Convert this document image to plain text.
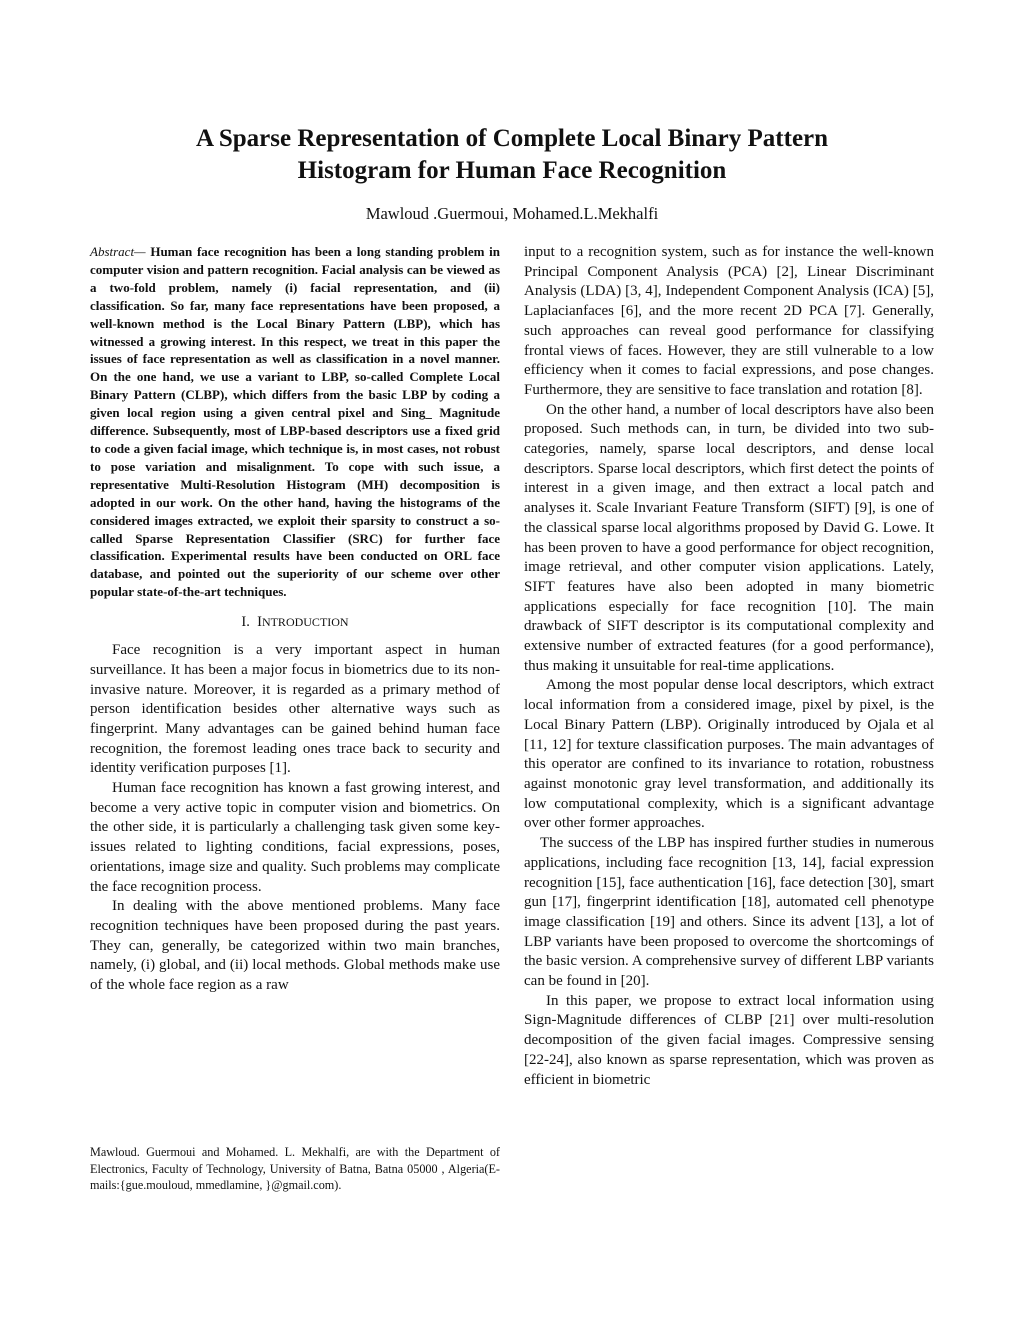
A Sparse Representation of Complete Local Binary Pattern
Histogram for Human Face Recognition
Mawloud .Guermoui, Mohamed.L.Mekhalfi

Abstract— Human face recognition has been a long standing problem in computer vision and pattern recognition. Facial analysis can be viewed as a two-fold problem, namely (i) facial representation, and (ii) classification. So far, many face representations have been proposed, a well-known method is the Local Binary Pattern (LBP), which has witnessed a growing interest. In this respect, we treat in this paper the issues of face representation as well as classification in a novel manner. On the one hand, we use a variant to LBP, so-called Complete Local Binary Pattern (CLBP), which differs from the basic LBP by coding a given local region using a given central pixel and Sing_ Magnitude difference. Subsequently, most of LBP-based descriptors use a fixed grid to code a given facial image, which technique is, in most cases, not robust to pose variation and misalignment. To cope with such issue, a representative Multi-Resolution Histogram (MH) decomposition is adopted in our work. On the other hand, having the histograms of the considered images extracted, we exploit their sparsity to construct a so-called Sparse Representation Classifier (SRC) for further face classification. Experimental results have been conducted on ORL face database, and pointed out the superiority of our scheme over other popular state-of-the-art techniques.

I. INTRODUCTION

Face recognition is a very important aspect in human surveillance. It has been a major focus in biometrics due to its non-invasive nature. Moreover, it is regarded as a primary method of person identification besides other alternative ways such as fingerprint. Many advantages can be gained behind human face recognition, the foremost leading ones trace back to security and identity verification purposes [1].

Human face recognition has known a fast growing interest, and become a very active topic in computer vision and biometrics. On the other side, it is particularly a challenging task given some key-issues related to lighting conditions, facial expressions, poses, orientations, image size and quality. Such problems may complicate the face recognition process.

In dealing with the above mentioned problems. Many face recognition techniques have been proposed during the past years. They can, generally, be categorized within two main branches, namely, (i) global, and (ii) local methods. Global methods make use of the whole face region as a raw

Mawloud. Guermoui and Mohamed. L. Mekhalfi, are with the Department of Electronics, Faculty of Technology, University of Batna, Batna 05000 , Algeria(E-mails:{gue.mouloud, mmedlamine, }@gmail.com).

input to a recognition system, such as for instance the well-known Principal Component Analysis (PCA) [2], Linear Discriminant Analysis (LDA) [3, 4], Independent Component Analysis (ICA) [5], Laplacianfaces [6], and the more recent 2D PCA [7]. Generally, such approaches can reveal good performance for classifying frontal views of faces. However, they are still vulnerable to a low efficiency when it comes to facial expressions, and pose changes. Furthermore, they are sensitive to face translation and rotation [8].

On the other hand, a number of local descriptors have also been proposed. Such methods can, in turn, be divided into two sub-categories, namely, sparse local descriptors, and dense local descriptors. Sparse local descriptors, which first detect the points of interest in a given image, and then extract a local patch and analyses it. Scale Invariant Feature Transform (SIFT) [9], is one of the classical sparse local algorithms proposed by David G. Lowe. It has been proven to have a good performance for object recognition, image retrieval, and other computer vision applications. Lately, SIFT features have also been adopted in many biometric applications especially for face recognition [10]. The main drawback of SIFT descriptor is its computational complexity and extensive number of extracted features (for a good performance), thus making it unsuitable for real-time applications.

Among the most popular dense local descriptors, which extract local information from a considered image, pixel by pixel, is the Local Binary Pattern (LBP). Originally introduced by Ojala et al [11, 12] for texture classification purposes. The main advantages of this operator are confined to its invariance to rotation, robustness against monotonic gray level transformation, and additionally its low computational complexity, which is a significant advantage over other former approaches.

The success of the LBP has inspired further studies in numerous applications, including face recognition [13, 14], facial expression recognition [15], face authentication [16], face detection [30], smart gun [17], fingerprint identification [18], automated cell phenotype image classification [19] and others. Since its advent [13], a lot of LBP variants have been proposed to overcome the shortcomings of the basic version. A comprehensive survey of different LBP variants can be found in [20].

In this paper, we propose to extract local information using Sign-Magnitude differences of CLBP [21] over multi-resolution decomposition of the given facial images. Compressive sensing [22-24], also known as sparse representation, which was proven as efficient in biometric
